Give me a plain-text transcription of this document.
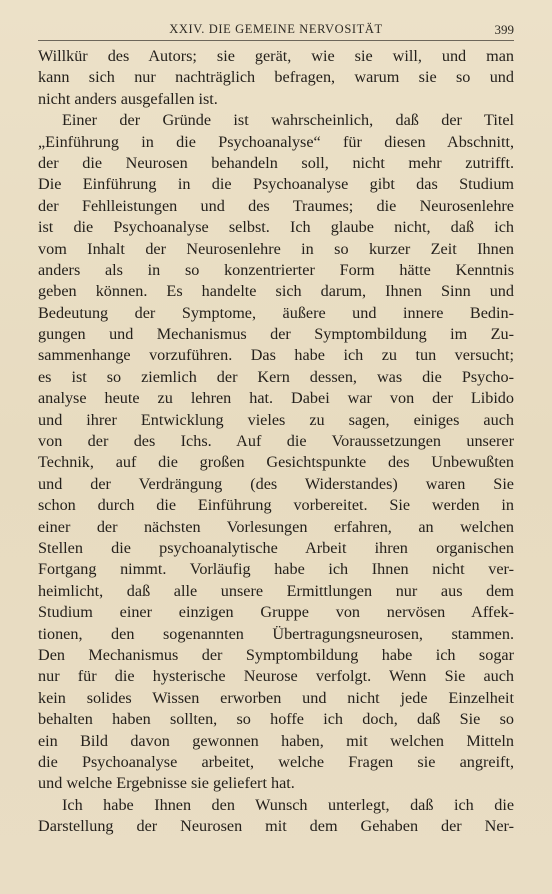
XXIV. DIE GEMEINE NERVOSITÄT	399
Willkür des Autors; sie gerät, wie sie will, und man
kann sich nur nachträglich befragen, warum sie so und
nicht anders ausgefallen ist.
Einer der Gründe ist wahrscheinlich, daß der Titel
„Einführung in die Psychoanalyse“ für diesen Abschnitt,
der die Neurosen behandeln soll, nicht mehr zutrifft.
Die Einführung in die Psychoanalyse gibt das Studium
der Fehlleistungen und des Traumes; die Neurosenlehre
ist die Psychoanalyse selbst. Ich glaube nicht, daß ich
vom Inhalt der Neurosenlehre in so kurzer Zeit Ihnen
anders als in so konzentrierter Form hätte Kenntnis
geben können. Es handelte sich darum, Ihnen Sinn und
Bedeutung der Symptome, äußere und innere Bedin-
gungen und Mechanismus der Symptombildung im Zu-
sammenhange vorzuführen. Das habe ich zu tun versucht;
es ist so ziemlich der Kern dessen, was die Psycho-
analyse heute zu lehren hat. Dabei war von der Libido
und ihrer Entwicklung vieles zu sagen, einiges auch
von der des Ichs. Auf die Voraussetzungen unserer
Technik, auf die großen Gesichtspunkte des Unbewußten
und der Verdrängung (des Widerstandes) waren Sie
schon durch die Einführung vorbereitet. Sie werden in
einer der nächsten Vorlesungen erfahren, an welchen
Stellen die psychoanalytische Arbeit ihren organischen
Fortgang nimmt. Vorläufig habe ich Ihnen nicht ver-
heimlicht, daß alle unsere Ermittlungen nur aus dem
Studium einer einzigen Gruppe von nervösen Affek-
tionen, den sogenannten Übertragungsneurosen, stammen.
Den Mechanismus der Symptombildung habe ich sogar
nur für die hysterische Neurose verfolgt. Wenn Sie auch
kein solides Wissen erworben und nicht jede Einzelheit
behalten haben sollten, so hoffe ich doch, daß Sie so
ein Bild davon gewonnen haben, mit welchen Mitteln
die Psychoanalyse arbeitet, welche Fragen sie angreift,
und welche Ergebnisse sie geliefert hat.
Ich habe Ihnen den Wunsch unterlegt, daß ich die
Darstellung der Neurosen mit dem Gehaben der Ner-
